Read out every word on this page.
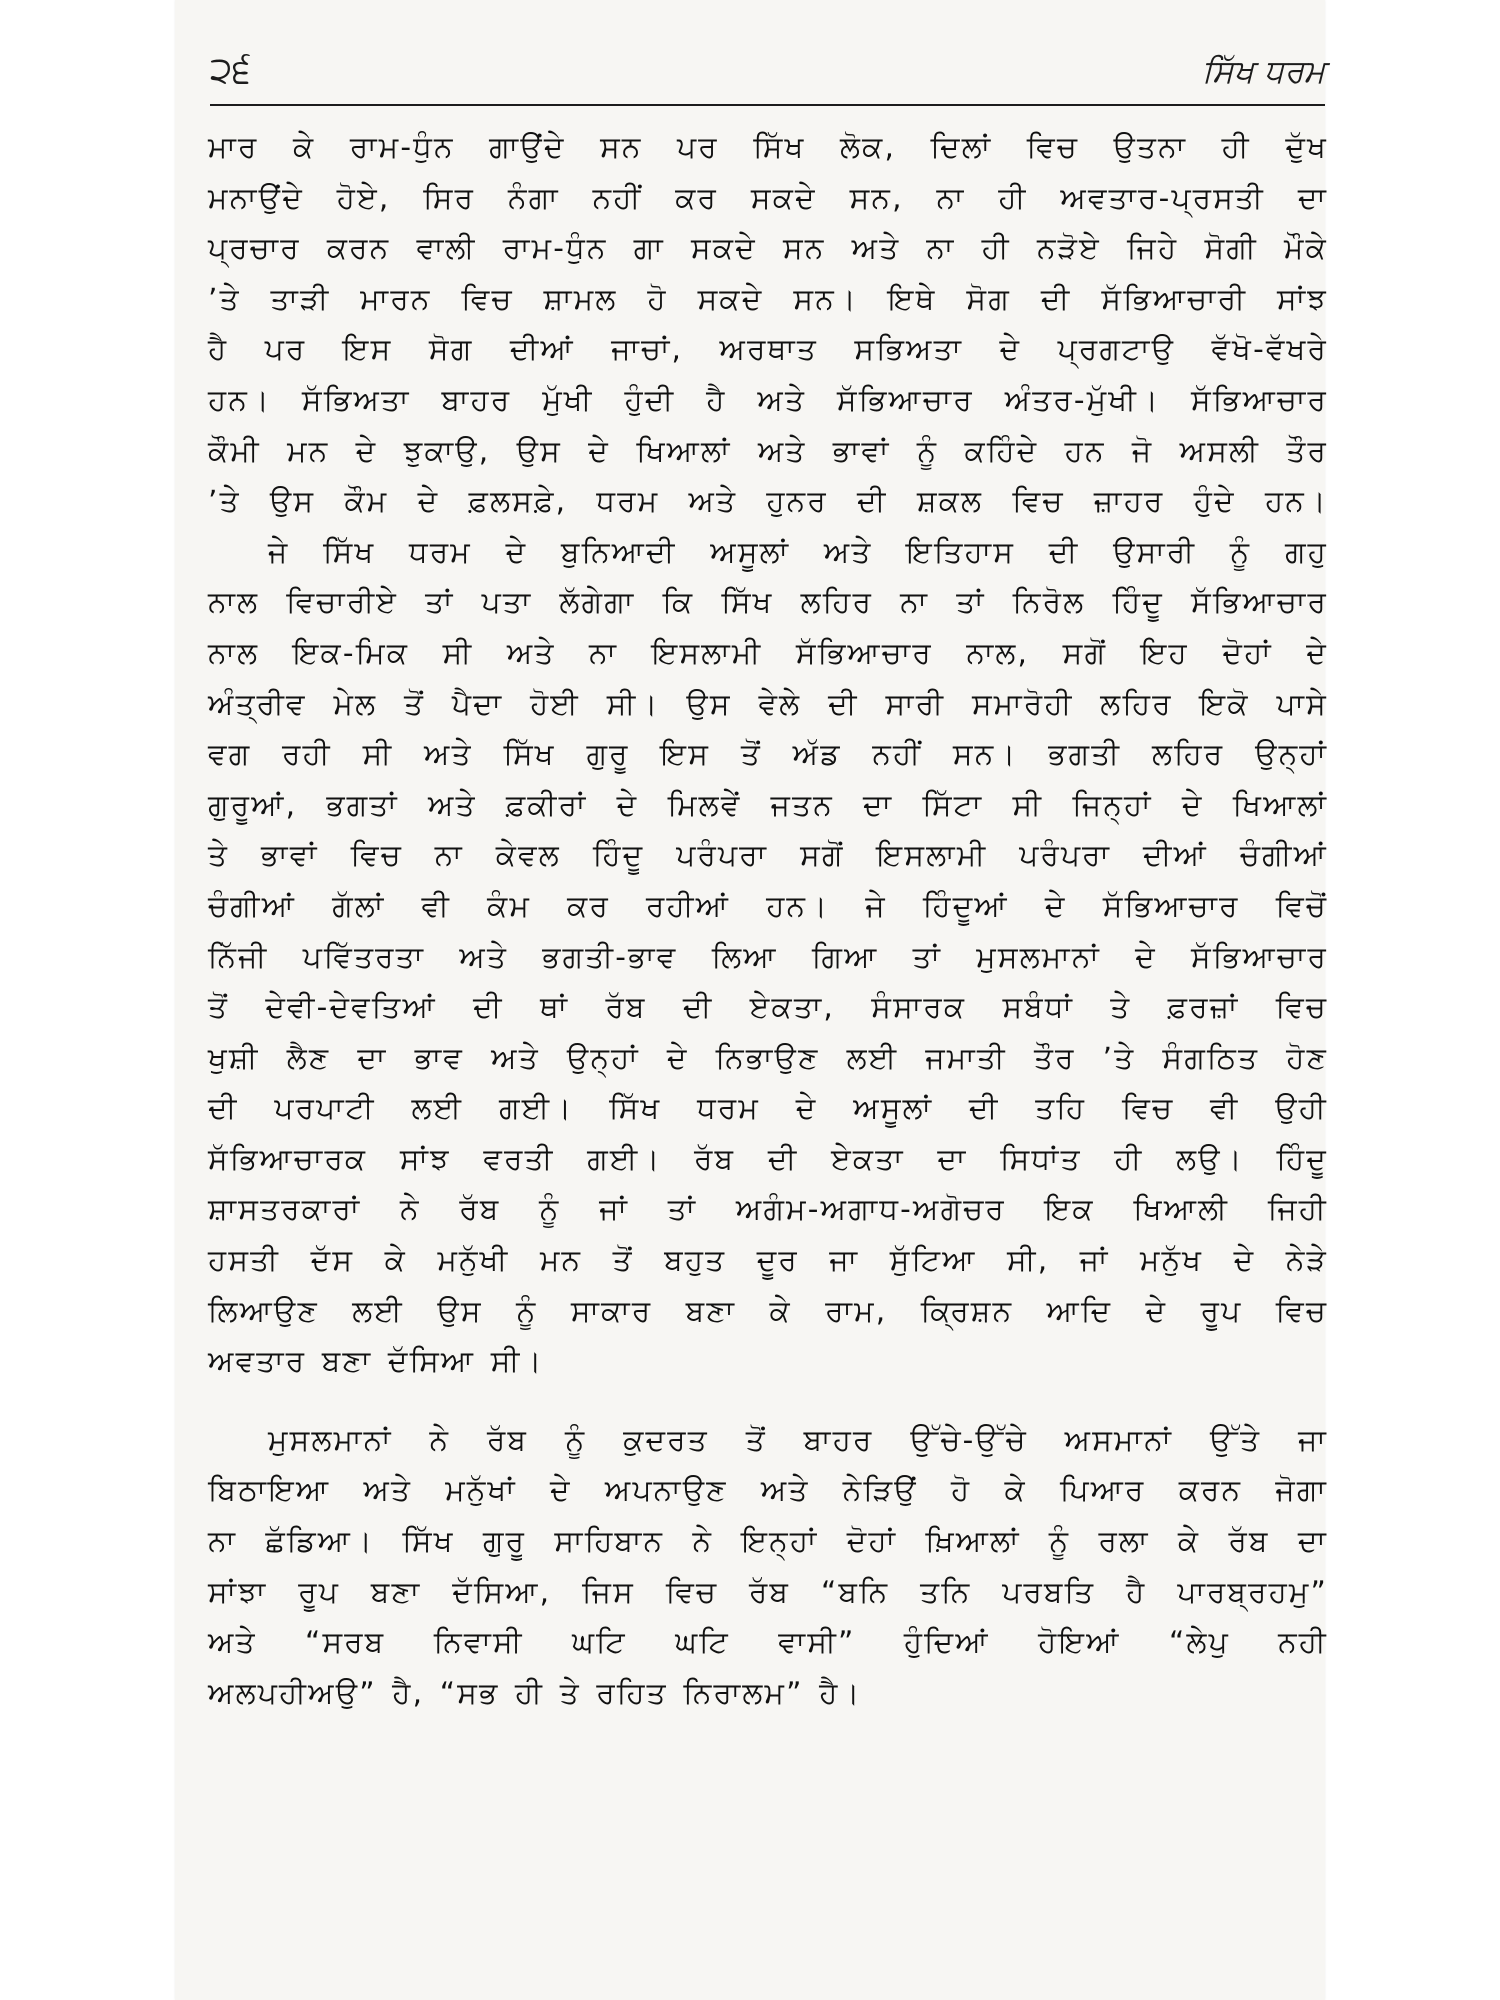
੨੬	ਸਿੱਖ ਧਰਮ

ਮਾਰ ਕੇ ਰਾਮ-ਧੁੰਨ ਗਾਉਂਦੇ ਸਨ ਪਰ ਸਿੱਖ ਲੋਕ, ਦਿਲਾਂ ਵਿਚ ਉਤਨਾ ਹੀ ਦੁੱਖ
ਮਨਾਉਂਦੇ ਹੋਏ, ਸਿਰ ਨੰਗਾ ਨਹੀਂ ਕਰ ਸਕਦੇ ਸਨ, ਨਾ ਹੀ ਅਵਤਾਰ-ਪ੍ਰਸਤੀ ਦਾ
ਪ੍ਰਚਾਰ ਕਰਨ ਵਾਲੀ ਰਾਮ-ਧੁੰਨ ਗਾ ਸਕਦੇ ਸਨ ਅਤੇ ਨਾ ਹੀ ਨੜੋਏ ਜਿਹੇ ਸੋਗੀ ਮੌਕੇ
’ਤੇ ਤਾੜੀ ਮਾਰਨ ਵਿਚ ਸ਼ਾਮਲ ਹੋ ਸਕਦੇ ਸਨ। ਇਥੇ ਸੋਗ ਦੀ ਸੱਭਿਆਚਾਰੀ ਸਾਂਝ
ਹੈ ਪਰ ਇਸ ਸੋਗ ਦੀਆਂ ਜਾਚਾਂ, ਅਰਥਾਤ ਸਭਿਅਤਾ ਦੇ ਪ੍ਰਗਟਾਉ ਵੱਖੋ-ਵੱਖਰੇ
ਹਨ। ਸੱਭਿਅਤਾ ਬਾਹਰ ਮੁੱਖੀ ਹੁੰਦੀ ਹੈ ਅਤੇ ਸੱਭਿਆਚਾਰ ਅੰਤਰ-ਮੁੱਖੀ। ਸੱਭਿਆਚਾਰ
ਕੌਮੀ ਮਨ ਦੇ ਝੁਕਾਉ, ਉਸ ਦੇ ਖਿਆਲਾਂ ਅਤੇ ਭਾਵਾਂ ਨੂੰ ਕਹਿੰਦੇ ਹਨ ਜੋ ਅਸਲੀ ਤੌਰ
’ਤੇ ਉਸ ਕੌਮ ਦੇ ਫ਼ਲਸਫ਼ੇ, ਧਰਮ ਅਤੇ ਹੁਨਰ ਦੀ ਸ਼ਕਲ ਵਿਚ ਜ਼ਾਹਰ ਹੁੰਦੇ ਹਨ।

ਜੇ ਸਿੱਖ ਧਰਮ ਦੇ ਬੁਨਿਆਦੀ ਅਸੂਲਾਂ ਅਤੇ ਇਤਿਹਾਸ ਦੀ ਉਸਾਰੀ ਨੂੰ ਗਹੁ
ਨਾਲ ਵਿਚਾਰੀਏ ਤਾਂ ਪਤਾ ਲੱਗੇਗਾ ਕਿ ਸਿੱਖ ਲਹਿਰ ਨਾ ਤਾਂ ਨਿਰੋਲ ਹਿੰਦੂ ਸੱਭਿਆਚਾਰ
ਨਾਲ ਇਕ-ਮਿਕ ਸੀ ਅਤੇ ਨਾ ਇਸਲਾਮੀ ਸੱਭਿਆਚਾਰ ਨਾਲ, ਸਗੋਂ ਇਹ ਦੋਹਾਂ ਦੇ
ਅੰਤ੍ਰੀਵ ਮੇਲ ਤੋਂ ਪੈਦਾ ਹੋਈ ਸੀ। ਉਸ ਵੇਲੇ ਦੀ ਸਾਰੀ ਸਮਾਰੋਹੀ ਲਹਿਰ ਇਕੋ ਪਾਸੇ
ਵਗ ਰਹੀ ਸੀ ਅਤੇ ਸਿੱਖ ਗੁਰੂ ਇਸ ਤੋਂ ਅੱਡ ਨਹੀਂ ਸਨ। ਭਗਤੀ ਲਹਿਰ ਉਨ੍ਹਾਂ
ਗੁਰੂਆਂ, ਭਗਤਾਂ ਅਤੇ ਫ਼ਕੀਰਾਂ ਦੇ ਮਿਲਵੇਂ ਜਤਨ ਦਾ ਸਿੱਟਾ ਸੀ ਜਿਨ੍ਹਾਂ ਦੇ ਖਿਆਲਾਂ
ਤੇ ਭਾਵਾਂ ਵਿਚ ਨਾ ਕੇਵਲ ਹਿੰਦੂ ਪਰੰਪਰਾ ਸਗੋਂ ਇਸਲਾਮੀ ਪਰੰਪਰਾ ਦੀਆਂ ਚੰਗੀਆਂ
ਚੰਗੀਆਂ ਗੱਲਾਂ ਵੀ ਕੰਮ ਕਰ ਰਹੀਆਂ ਹਨ। ਜੇ ਹਿੰਦੂਆਂ ਦੇ ਸੱਭਿਆਚਾਰ ਵਿਚੋਂ
ਨਿੱਜੀ ਪਵਿੱਤਰਤਾ ਅਤੇ ਭਗਤੀ-ਭਾਵ ਲਿਆ ਗਿਆ ਤਾਂ ਮੁਸਲਮਾਨਾਂ ਦੇ ਸੱਭਿਆਚਾਰ
ਤੋਂ ਦੇਵੀ-ਦੇਵਤਿਆਂ ਦੀ ਥਾਂ ਰੱਬ ਦੀ ਏਕਤਾ, ਸੰਸਾਰਕ ਸਬੰਧਾਂ ਤੇ ਫ਼ਰਜ਼ਾਂ ਵਿਚ
ਖੁਸ਼ੀ ਲੈਣ ਦਾ ਭਾਵ ਅਤੇ ਉਨ੍ਹਾਂ ਦੇ ਨਿਭਾਉਣ ਲਈ ਜਮਾਤੀ ਤੌਰ ’ਤੇ ਸੰਗਠਿਤ ਹੋਣ
ਦੀ ਪਰਪਾਟੀ ਲਈ ਗਈ। ਸਿੱਖ ਧਰਮ ਦੇ ਅਸੂਲਾਂ ਦੀ ਤਹਿ ਵਿਚ ਵੀ ਉਹੀ
ਸੱਭਿਆਚਾਰਕ ਸਾਂਝ ਵਰਤੀ ਗਈ। ਰੱਬ ਦੀ ਏਕਤਾ ਦਾ ਸਿਧਾਂਤ ਹੀ ਲਉ। ਹਿੰਦੂ
ਸ਼ਾਸਤਰਕਾਰਾਂ ਨੇ ਰੱਬ ਨੂੰ ਜਾਂ ਤਾਂ ਅਗੰਮ-ਅਗਾਧ-ਅਗੋਚਰ ਇਕ ਖਿਆਲੀ ਜਿਹੀ
ਹਸਤੀ ਦੱਸ ਕੇ ਮਨੁੱਖੀ ਮਨ ਤੋਂ ਬਹੁਤ ਦੂਰ ਜਾ ਸੁੱਟਿਆ ਸੀ, ਜਾਂ ਮਨੁੱਖ ਦੇ ਨੇੜੇ
ਲਿਆਉਣ ਲਈ ਉਸ ਨੂੰ ਸਾਕਾਰ ਬਣਾ ਕੇ ਰਾਮ, ਕ੍ਰਿਸ਼ਨ ਆਦਿ ਦੇ ਰੂਪ ਵਿਚ
ਅਵਤਾਰ ਬਣਾ ਦੱਸਿਆ ਸੀ।

ਮੁਸਲਮਾਨਾਂ ਨੇ ਰੱਬ ਨੂੰ ਕੁਦਰਤ ਤੋਂ ਬਾਹਰ ਉੱਚੇ-ਉੱਚੇ ਅਸਮਾਨਾਂ ਉੱਤੇ ਜਾ
ਬਿਠਾਇਆ ਅਤੇ ਮਨੁੱਖਾਂ ਦੇ ਅਪਨਾਉਣ ਅਤੇ ਨੇੜਿਉਂ ਹੋ ਕੇ ਪਿਆਰ ਕਰਨ ਜੋਗਾ
ਨਾ ਛੱਡਿਆ। ਸਿੱਖ ਗੁਰੂ ਸਾਹਿਬਾਨ ਨੇ ਇਨ੍ਹਾਂ ਦੋਹਾਂ ਖ਼ਿਆਲਾਂ ਨੂੰ ਰਲਾ ਕੇ ਰੱਬ ਦਾ
ਸਾਂਝਾ ਰੂਪ ਬਣਾ ਦੱਸਿਆ, ਜਿਸ ਵਿਚ ਰੱਬ “ਬਨਿ ਤਨਿ ਪਰਬਤਿ ਹੈ ਪਾਰਬ੍ਰਹਮੁ”
ਅਤੇ “ਸਰਬ ਨਿਵਾਸੀ ਘਟਿ ਘਟਿ ਵਾਸੀ” ਹੁੰਦਿਆਂ ਹੋਇਆਂ “ਲੇਪੁ ਨਹੀ
ਅਲਪਹੀਅਉ” ਹੈ, “ਸਭ ਹੀ ਤੇ ਰਹਿਤ ਨਿਰਾਲਮ” ਹੈ।
